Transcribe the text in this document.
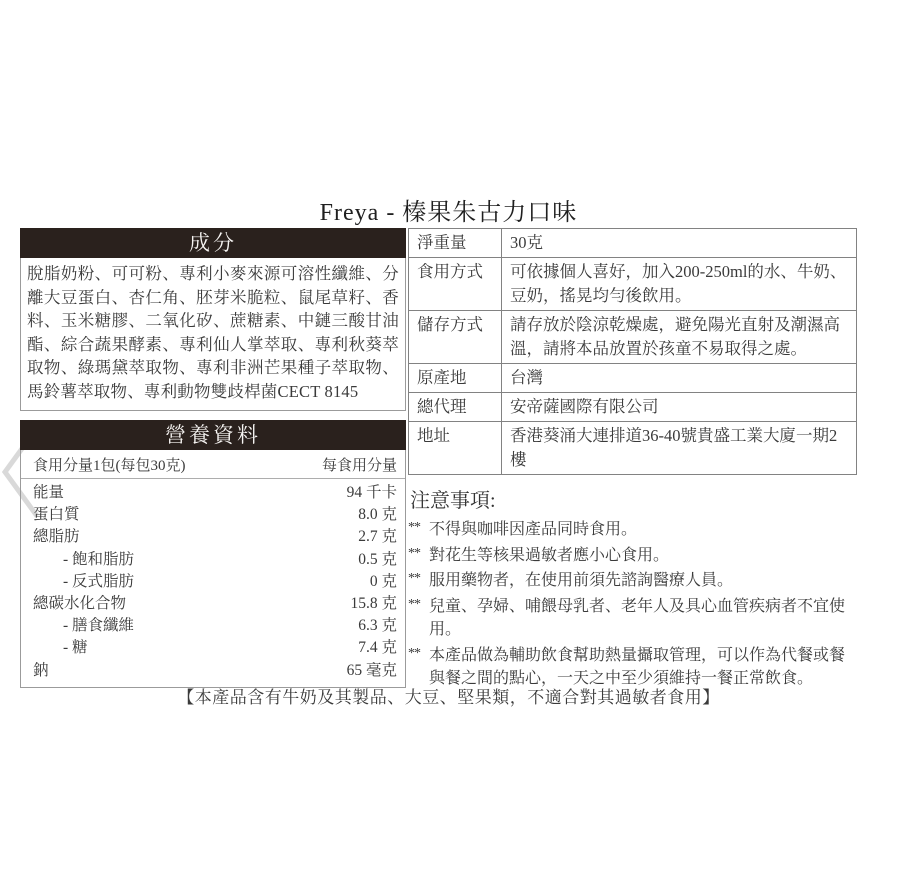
Freya - 榛果朱古力口味
成分
脫脂奶粉、可可粉、專利小麥來源可溶性纖維、分離大豆蛋白、杏仁角、胚芽米脆粒、鼠尾草籽、香料、玉米糖膠、二氧化矽、蔗糖素、中鏈三酸甘油酯、綜合蔬果酵素、專利仙人掌萃取、專利秋葵萃取物、綠瑪黛萃取物、專利非洲芒果種子萃取物、馬鈴薯萃取物、專利動物雙歧桿菌CECT 8145
營養資料
食用分量1包(每包30克)	每食用分量
能量	94 千卡
蛋白質	8.0 克
總脂肪	2.7 克
- 飽和脂肪	0.5 克
- 反式脂肪	0 克
總碳水化合物	15.8 克
- 膳食纖維	6.3 克
- 糖	7.4 克
鈉	65 毫克
淨重量	30克
食用方式	可依據個人喜好，加入200-250ml的水、牛奶、豆奶，搖晃均勻後飲用。
儲存方式	請存放於陰涼乾燥處，避免陽光直射及潮濕高溫，請將本品放置於孩童不易取得之處。
原產地	台灣
總代理	安帝薩國際有限公司
地址	香港葵涌大連排道36-40號貴盛工業大廈一期2樓
注意事項:
** 不得與咖啡因產品同時食用。
** 對花生等核果過敏者應小心食用。
** 服用藥物者，在使用前須先諮詢醫療人員。
** 兒童、孕婦、哺餵母乳者、老年人及具心血管疾病者不宜使用。
** 本產品做為輔助飲食幫助熱量攝取管理，可以作為代餐或餐與餐之間的點心，一天之中至少須維持一餐正常飲食。
【本產品含有牛奶及其製品、大豆、堅果類，不適合對其過敏者食用】
